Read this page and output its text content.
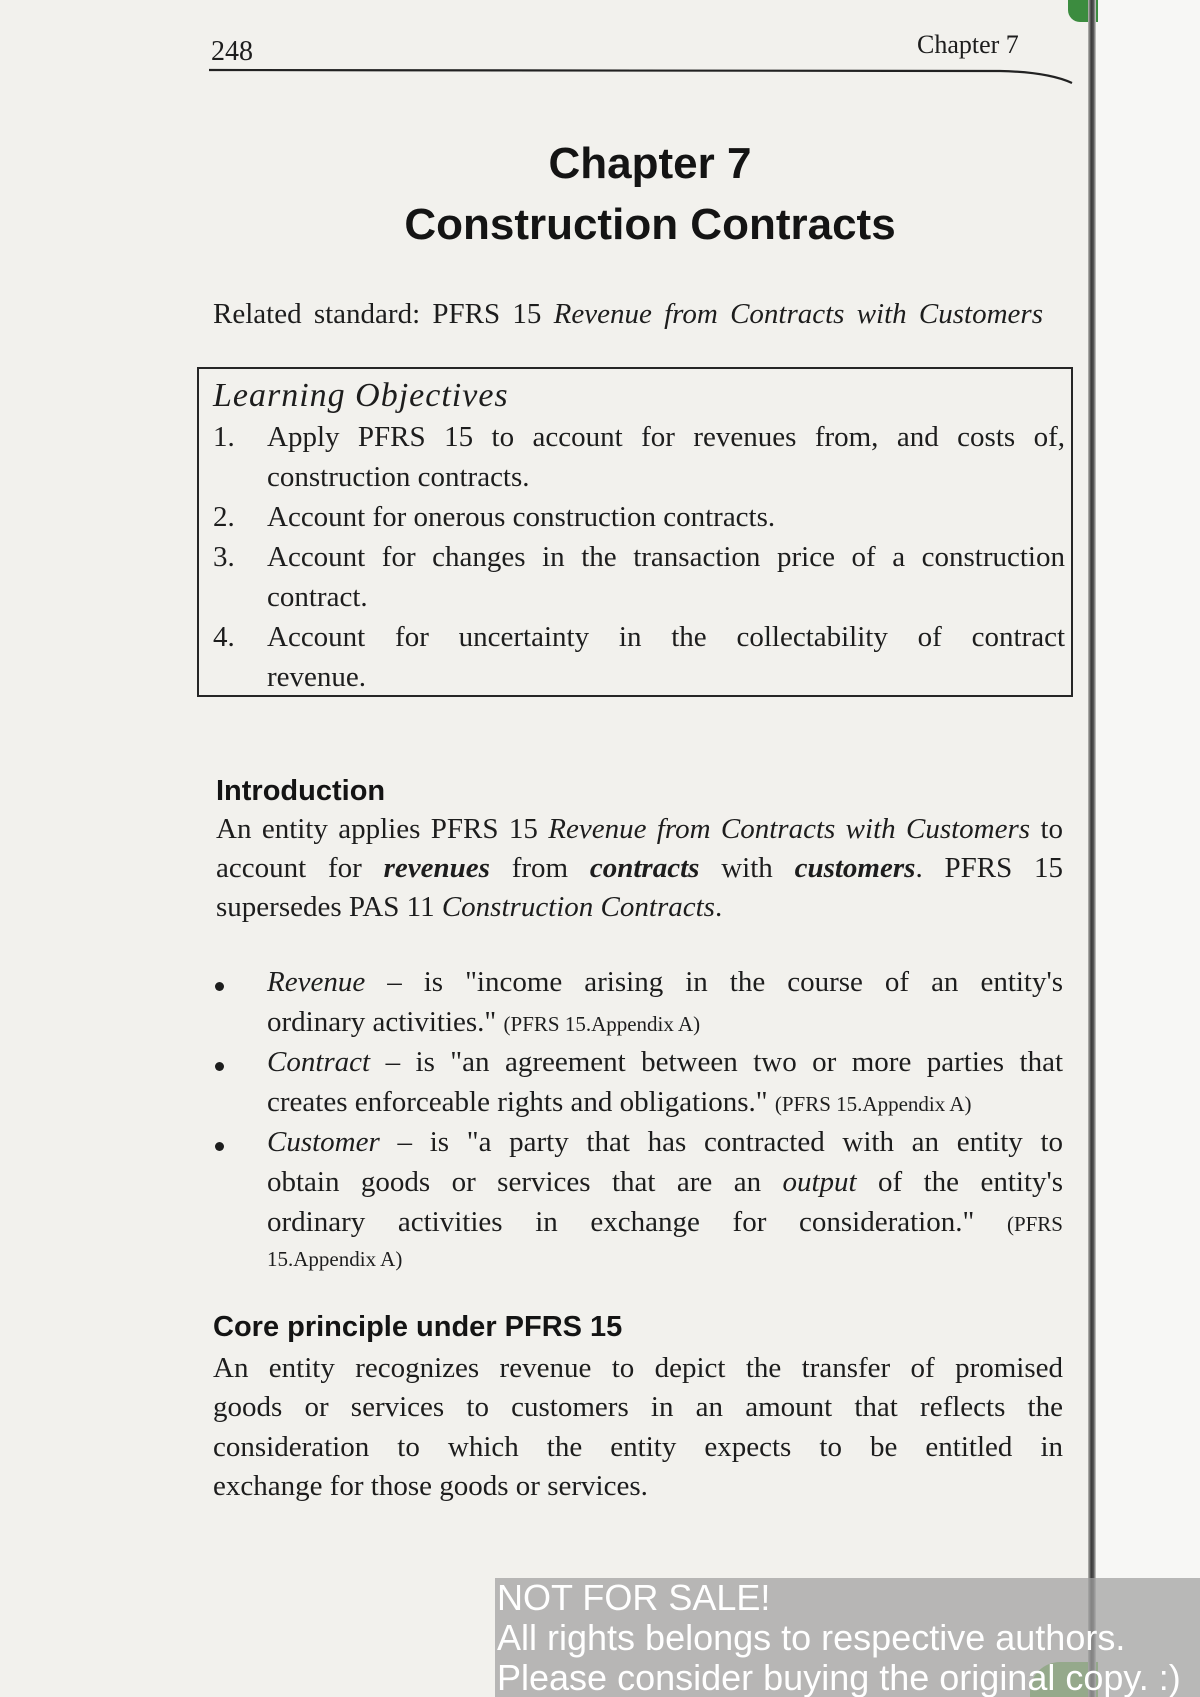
248	Chapter 7
Chapter 7
Construction Contracts
Related standard: PFRS 15 Revenue from Contracts with Customers
Learning Objectives
1. Apply PFRS 15 to account for revenues from, and costs of,
construction contracts.
2. Account for onerous construction contracts.
3. Account for changes in the transaction price of a construction
contract.
4. Account for uncertainty in the collectability of contract
revenue.
Introduction
An entity applies PFRS 15 Revenue from Contracts with Customers to
account for revenues from contracts with customers. PFRS 15
supersedes PAS 11 Construction Contracts.
Revenue – is "income arising in the course of an entity's
ordinary activities." (PFRS 15.Appendix A)
Contract – is "an agreement between two or more parties that
creates enforceable rights and obligations." (PFRS 15.Appendix A)
Customer – is "a party that has contracted with an entity to
obtain goods or services that are an output of the entity's
ordinary activities in exchange for consideration." (PFRS
15.Appendix A)
Core principle under PFRS 15
An entity recognizes revenue to depict the transfer of promised
goods or services to customers in an amount that reflects the
consideration to which the entity expects to be entitled in
exchange for those goods or services.
NOT FOR SALE!
All rights belongs to respective authors.
Please consider buying the original copy. :)
